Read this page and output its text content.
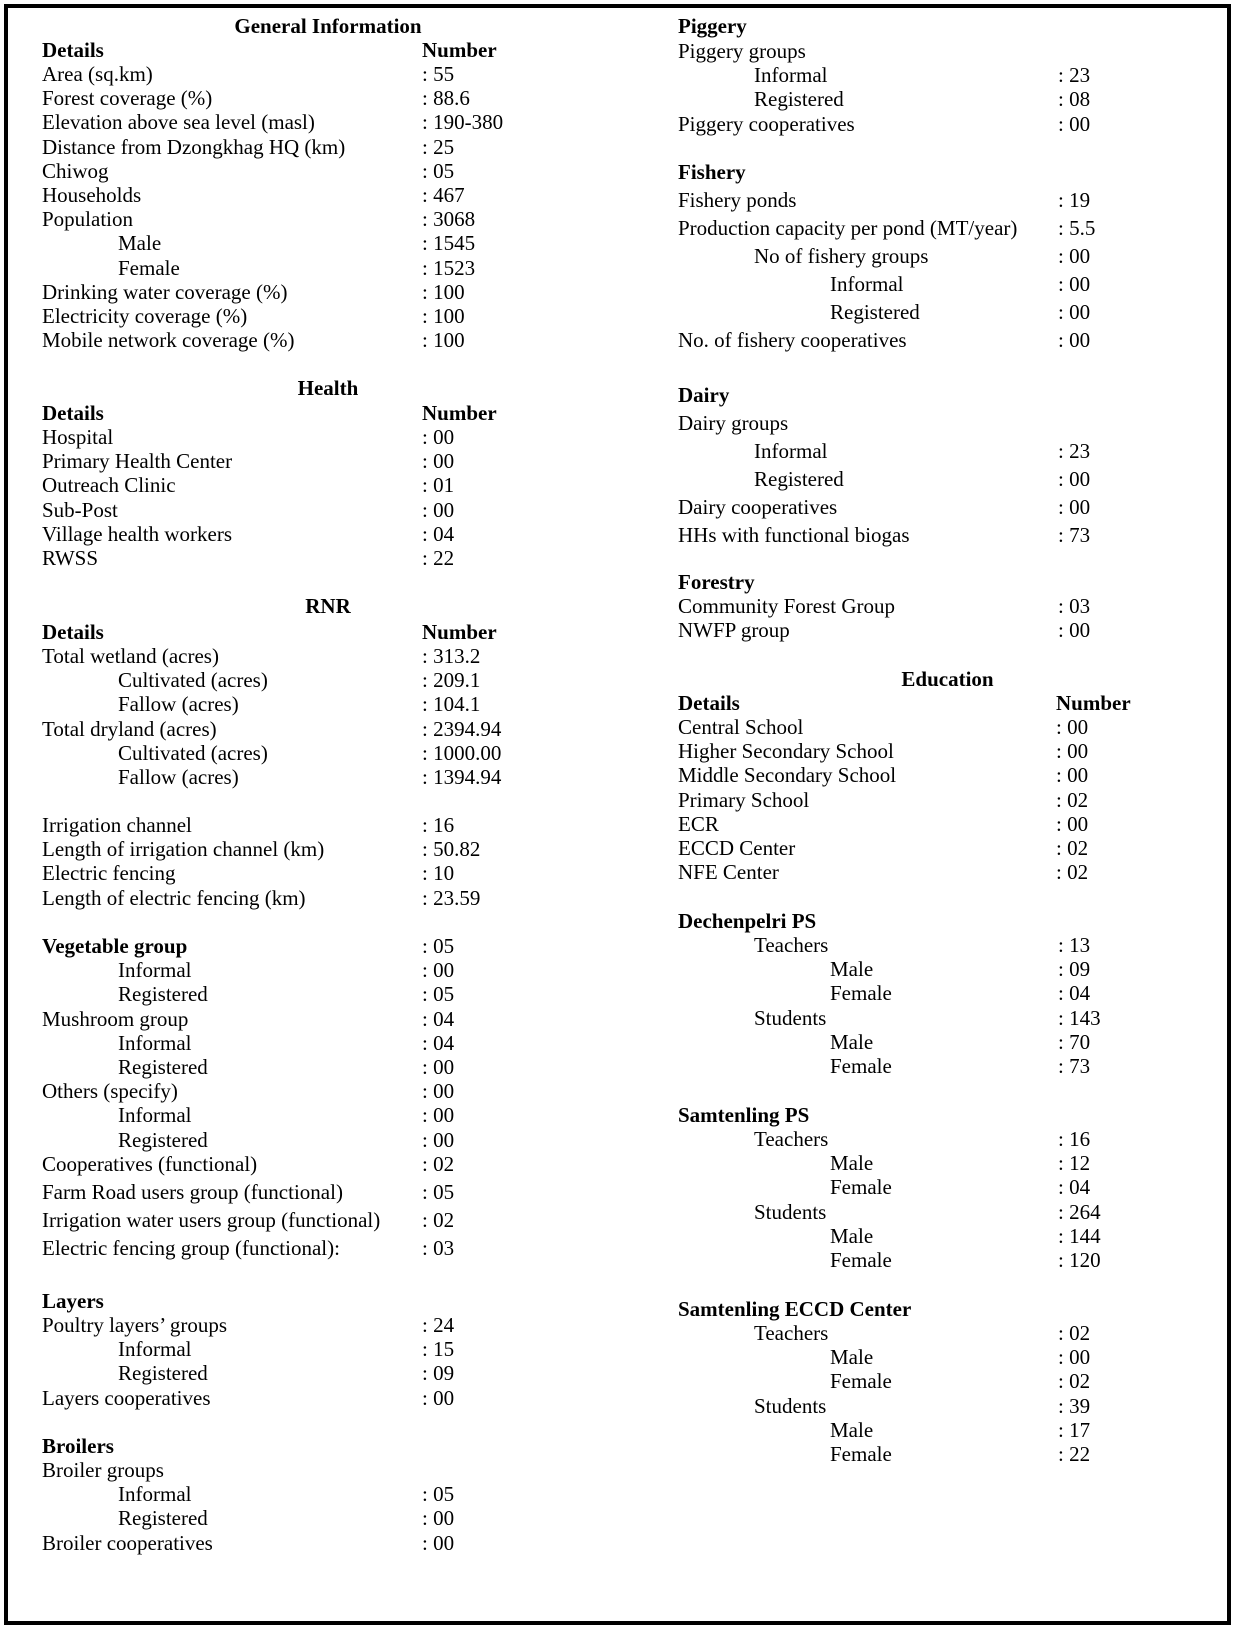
General Information
Details	Number
Area (sq.km)	: 55
Forest coverage (%)	: 88.6
Elevation above sea level (masl)	: 190-380
Distance from Dzongkhag HQ (km)	: 25
Chiwog	: 05
Households	: 467
Population	: 3068
Male	: 1545
Female	: 1523
Drinking water coverage (%)	: 100
Electricity coverage (%)	: 100
Mobile network coverage (%)	: 100
Health
Details	Number
Hospital	: 00
Primary Health Center	: 00
Outreach Clinic	: 01
Sub-Post	: 00
Village health workers	: 04
RWSS	: 22
RNR
Details	Number
Total wetland (acres)	: 313.2
Cultivated (acres)	: 209.1
Fallow (acres)	: 104.1
Total dryland (acres)	: 2394.94
Cultivated (acres)	: 1000.00
Fallow (acres)	: 1394.94
Irrigation channel	: 16
Length of irrigation channel (km)	: 50.82
Electric fencing	: 10
Length of electric fencing (km)	: 23.59
Vegetable group	: 05
Informal	: 00
Registered	: 05
Mushroom group	: 04
Informal	: 04
Registered	: 00
Others (specify)	: 00
Informal	: 00
Registered	: 00
Cooperatives (functional)	: 02
Farm Road users group (functional)	: 05
Irrigation water users group (functional) : 02
Electric fencing group (functional):	: 03
Layers
Poultry layers’ groups	: 24
Informal	: 15
Registered	: 09
Layers cooperatives	: 00
Broilers
Broiler groups
Informal	: 05
Registered	: 00
Broiler cooperatives	: 00
Piggery
Piggery groups
Informal	: 23
Registered	: 08
Piggery cooperatives	: 00
Fishery
Fishery ponds	: 19
Production capacity per pond (MT/year) : 5.5
No of fishery groups	: 00
Informal	: 00
Registered	: 00
No. of fishery cooperatives	: 00
Dairy
Dairy groups
Informal	: 23
Registered	: 00
Dairy cooperatives	: 00
HHs with functional biogas	: 73
Forestry
Community Forest Group	: 03
NWFP group	: 00
Education
Details	Number
Central School	: 00
Higher Secondary School	: 00
Middle Secondary School	: 00
Primary School	: 02
ECR	: 00
ECCD Center	: 02
NFE Center	: 02
Dechenpelri PS
Teachers	: 13
Male	: 09
Female	: 04
Students	: 143
Male	: 70
Female	: 73
Samtenling PS
Teachers	: 16
Male	: 12
Female	: 04
Students	: 264
Male	: 144
Female	: 120
Samtenling ECCD Center
Teachers	: 02
Male	: 00
Female	: 02
Students	: 39
Male	: 17
Female	: 22
